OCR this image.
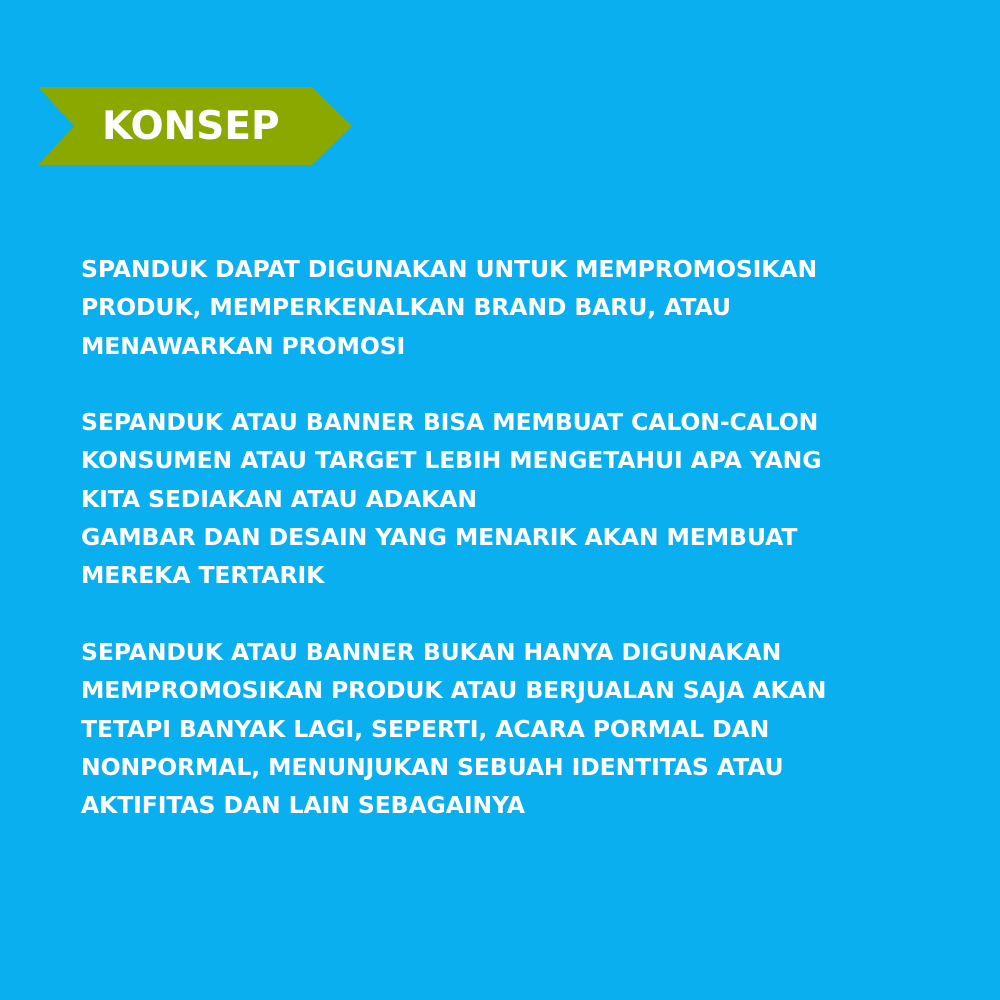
KONSEP

SPANDUK DAPAT DIGUNAKAN UNTUK MEMPROMOSIKAN
PRODUK, MEMPERKENALKAN BRAND BARU, ATAU
MENAWARKAN PROMOSI

SEPANDUK ATAU BANNER BISA MEMBUAT CALON-CALON
KONSUMEN ATAU TARGET LEBIH MENGETAHUI APA YANG
KITA SEDIAKAN ATAU ADAKAN
GAMBAR DAN DESAIN YANG MENARIK AKAN MEMBUAT
MEREKA TERTARIK

SEPANDUK ATAU BANNER BUKAN HANYA DIGUNAKAN
MEMPROMOSIKAN PRODUK ATAU BERJUALAN SAJA AKAN
TETAPI BANYAK LAGI, SEPERTI, ACARA PORMAL DAN
NONPORMAL, MENUNJUKAN SEBUAH IDENTITAS ATAU
AKTIFITAS DAN LAIN SEBAGAINYA
